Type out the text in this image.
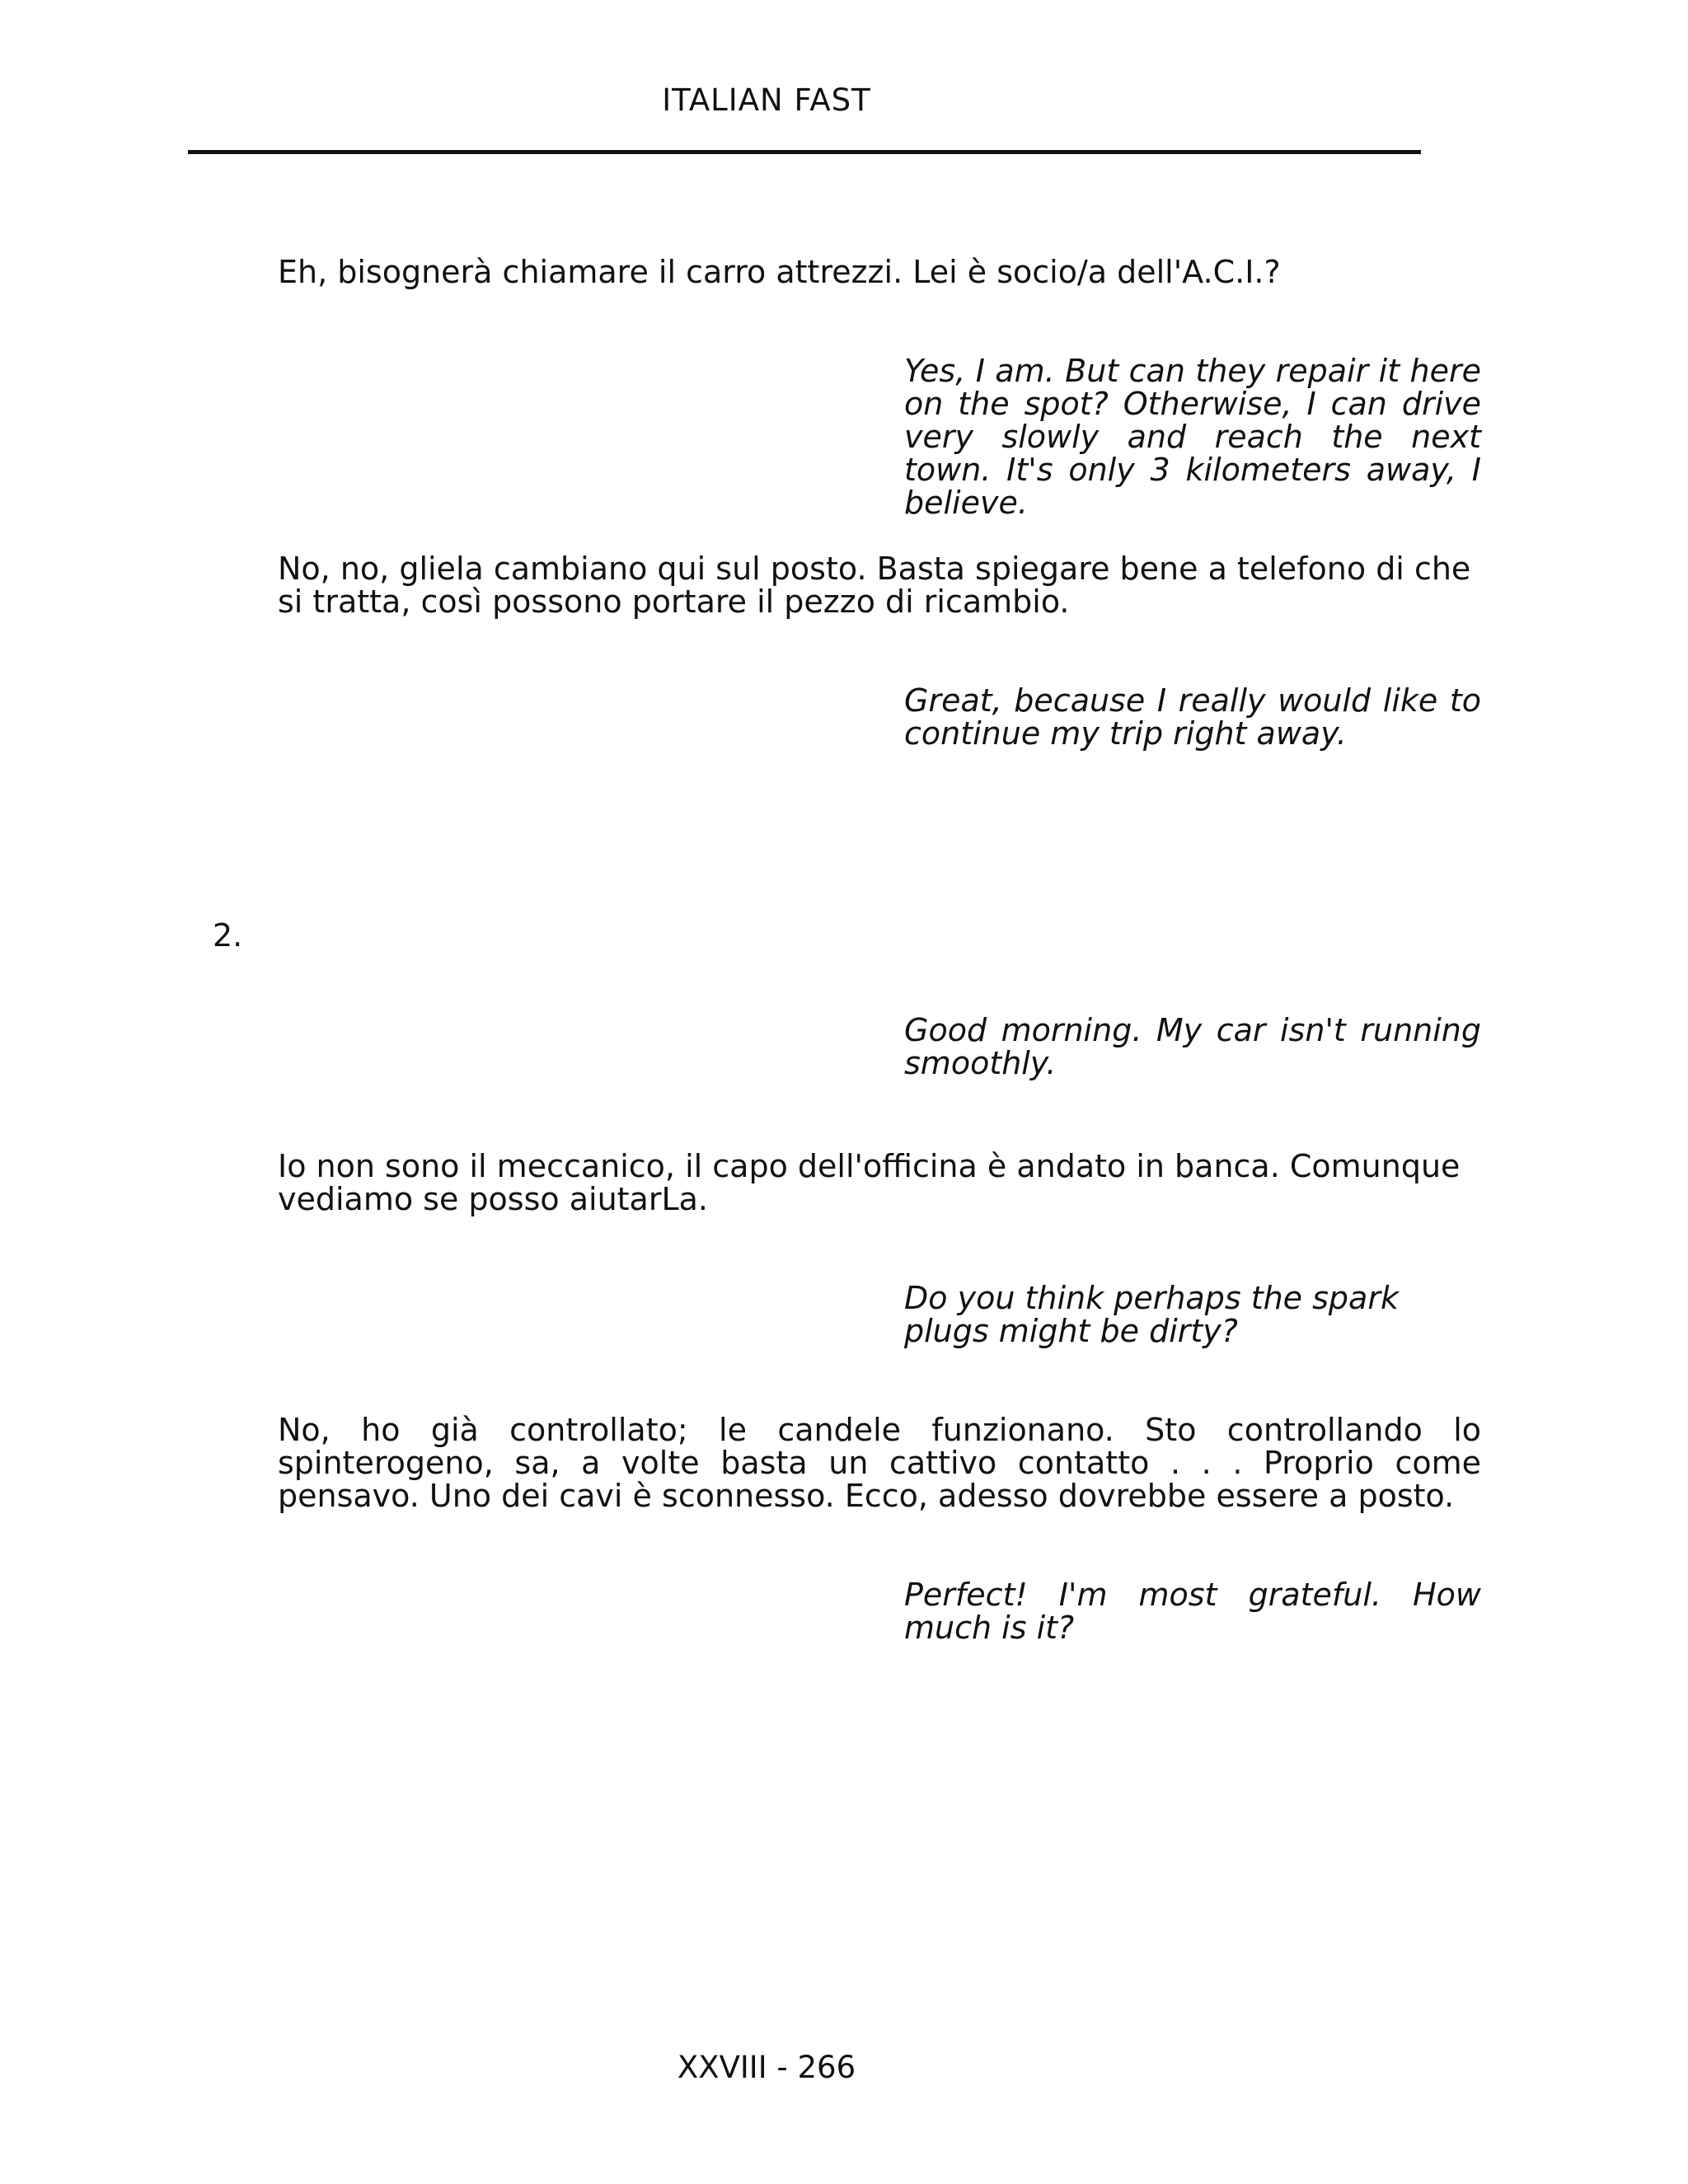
ITALIAN FAST

Eh, bisognerà chiamare il carro attrezzi. Lei è socio/a dell'A.C.I.?

Yes, I am. But can they repair it here on the spot? Otherwise, I can drive very slowly and reach the next town. It's only 3 kilometers away, I believe.

No, no, gliela cambiano qui sul posto. Basta spiegare bene a telefono di che si tratta, così possono portare il pezzo di ricambio.

Great, because I really would like to continue my trip right away.

2.

Good morning. My car isn't running smoothly.

Io non sono il meccanico, il capo dell'officina è andato in banca. Comunque vediamo se posso aiutarLa.

Do you think perhaps the spark plugs might be dirty?

No, ho già controllato; le candele funzionano. Sto controllando lo spinterogeno, sa, a volte basta un cattivo contatto . . . Proprio come pensavo. Uno dei cavi è sconnesso. Ecco, adesso dovrebbe essere a posto.

Perfect! I'm most grateful. How much is it?

XXVIII - 266
